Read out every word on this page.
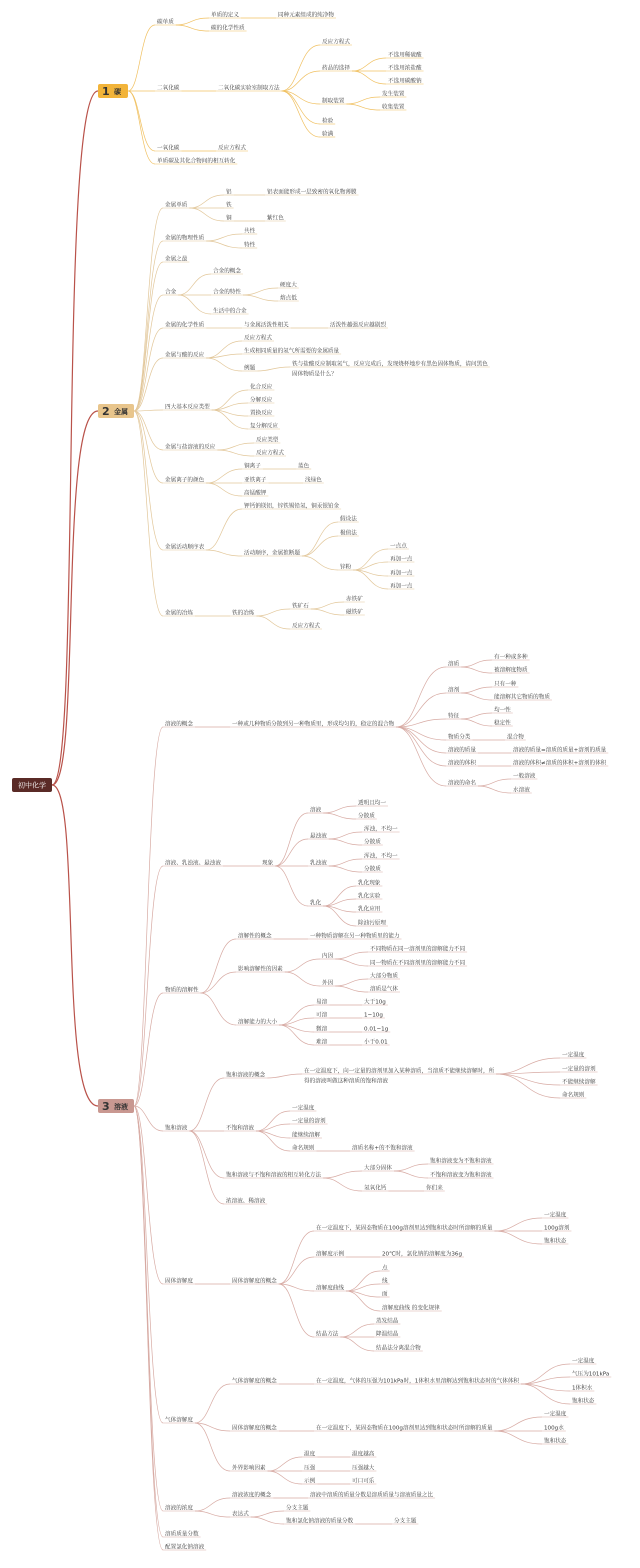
初中化学
1 碳
2 金属
3 溶液
碳单质
单质的定义	同种元素组成的纯净物
碳的化学性质
二氧化碳	二氧化碳实验室制取方法
反应方程式
药品的选择
不选用稀硫酸
不选用浓盐酸
不选用碳酸钠
制取装置
发生装置
收集装置
检验
验满
一氧化碳	反应方程式
单质碳及其化合物间的相互转化
金属单质
铝	铝表面能形成一层致密的氧化物薄膜
铁
铜	紫红色
金属的物理性质
共性
特性
金属之最
合金
合金的概念
合金的特性
硬度大
熔点低
生活中的合金
金属的化学性质	与金属活泼性相关	活泼性越强反应越剧烈
金属与酸的反应
反应方程式
生成相同质量的氢气所需要的金属质量
例题
铁与盐酸反应制取氢气，反应完成后，发现烧杯地步有黑色固体物质，请问黑色
固体物质是什么？
四大基本反应类型
化合反应
分解反应
置换反应
复分解反应
金属与盐溶液的反应
反应类型
反应方程式
金属离子的颜色
铜离子	蓝色
亚铁离子	浅绿色
高锰酸钾
金属活动顺序表
钾钙钠镁铝，锌铁锡铅氢，铜汞银铂金
活动顺序，金属推断题
假设法
极值法
锌粉
一点点
再加一点
再加一点
再加一点
金属的冶炼	铁的冶炼
铁矿石
赤铁矿
磁铁矿
反应方程式
溶液的概念	一种或几种物质分散到另一种物质里，形成均匀的，稳定的混合物
溶质
有一种或多种
被溶解度物质
溶剂
只有一种
能溶解其它物质的物质
特征
均一性
稳定性
物质分类	混合物
溶液的质量	溶液的质量=溶质的质量+溶剂的质量
溶液的体积	溶液的体积≠溶质的体积+溶剂的体积
溶液的命名
一般溶液
水溶液
溶液、乳浊液、悬浊液	现象
溶液
透明且均一
分散质
悬浊液
浑浊，不均一
分散质
乳浊液
浑浊，不均一
分散质
乳化
乳化现象
乳化实验
乳化应用
除油污原理
物质的溶解性
溶解性的概念	一种物质溶解在另一种物质里的能力
影响溶解性的因素
内因
不同物质在同一溶剂里的溶解能力不同
同一物质在不同溶剂里的溶解能力不同
外因
大部分物质
溶质是气体
溶解能力的大小
易溶	大于10g
可溶	1~10g
微溶	0.01~1g
难溶	小于0.01
饱和溶液
饱和溶液的概念
在一定温度下，向一定量的溶剂里加入某种溶质，当溶质不能继续溶解时，所
得的溶液叫做这种溶质的饱和溶液
一定温度
一定量的溶剂
不能继续溶解
命名规则
不饱和溶液
一定温度
一定量的溶剂
能继续溶解
命名规则	溶质名称+的不饱和溶液
饱和溶液与不饱和溶液的相互转化方法
大部分固体
饱和溶液变为不饱和溶液
不饱和溶液变为饱和溶液
氢氧化钙	你们来
浓溶液、稀溶液
固体溶解度	固体溶解度的概念
在一定温度下，某固态物质在100g溶剂里达到饱和状态时所溶解的质量
一定温度
100g溶剂
饱和状态
溶解度示例	20℃时，氯化钠的溶解度为36g
溶解度曲线
点
线
面
溶解度曲线 的变化规律
结晶方法
蒸发结晶
降温结晶
结晶法分离混合物
气体溶解度
气体溶解度的概念	在一定温度，气体的压强为101kPa时，1体积水里溶解达到饱和状态时的气体体积
一定温度
气压为101kPa
1体积水
饱和状态
固体溶解度的概念	在一定温度下，某固态物质在100g溶剂里达到饱和状态时所溶解的质量
一定温度
100g水
饱和状态
外界影响因素
温度	温度越高
压强	压强越大
示例	可口可乐
溶液的浓度
溶液浓度的概念	溶液中溶质的质量分数是溶质质量与溶液质量之比
表达式
分支主题
饱和氯化钠溶液的质量分数	分支主题
溶质质量分数
配置氯化钠溶液
